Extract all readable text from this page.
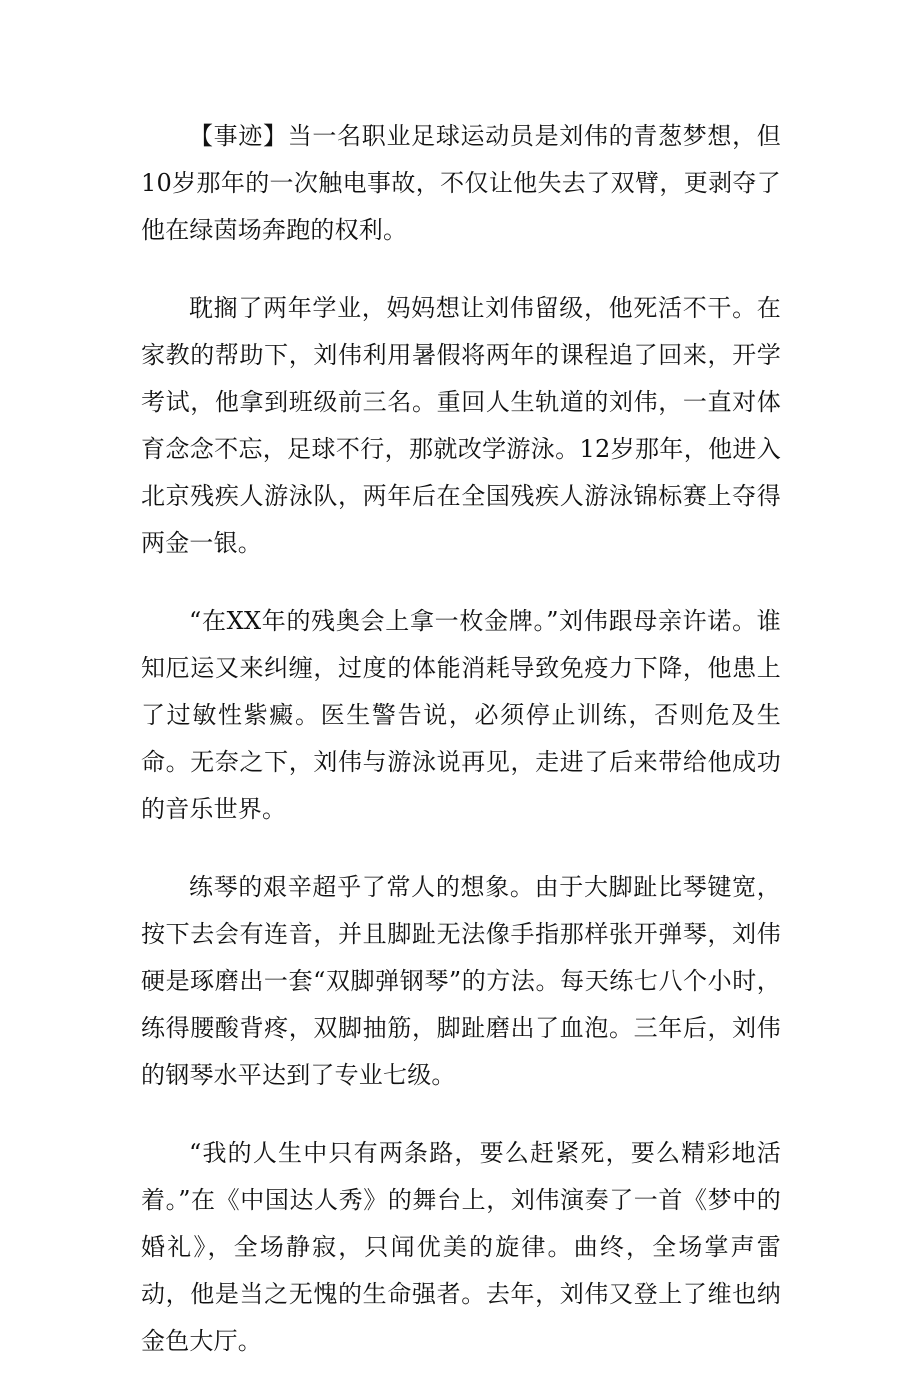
【事迹】当一名职业足球运动员是刘伟的青葱梦想，但10岁那年的一次触电事故，不仅让他失去了双臂，更剥夺了他在绿茵场奔跑的权利。

耽搁了两年学业，妈妈想让刘伟留级，他死活不干。在家教的帮助下，刘伟利用暑假将两年的课程追了回来，开学考试，他拿到班级前三名。重回人生轨道的刘伟，一直对体育念念不忘，足球不行，那就改学游泳。12岁那年，他进入北京残疾人游泳队，两年后在全国残疾人游泳锦标赛上夺得两金一银。

“在XX年的残奥会上拿一枚金牌。”刘伟跟母亲许诺。谁知厄运又来纠缠，过度的体能消耗导致免疫力下降，他患上了过敏性紫癜。医生警告说，必须停止训练，否则危及生命。无奈之下，刘伟与游泳说再见，走进了后来带给他成功的音乐世界。

练琴的艰辛超乎了常人的想象。由于大脚趾比琴键宽，按下去会有连音，并且脚趾无法像手指那样张开弹琴，刘伟硬是琢磨出一套“双脚弹钢琴”的方法。每天练七八个小时，练得腰酸背疼，双脚抽筋，脚趾磨出了血泡。三年后，刘伟的钢琴水平达到了专业七级。

“我的人生中只有两条路，要么赶紧死，要么精彩地活着。”在《中国达人秀》的舞台上，刘伟演奏了一首《梦中的婚礼》，全场静寂，只闻优美的旋律。曲终，全场掌声雷动，他是当之无愧的生命强者。去年，刘伟又登上了维也纳金色大厅。
